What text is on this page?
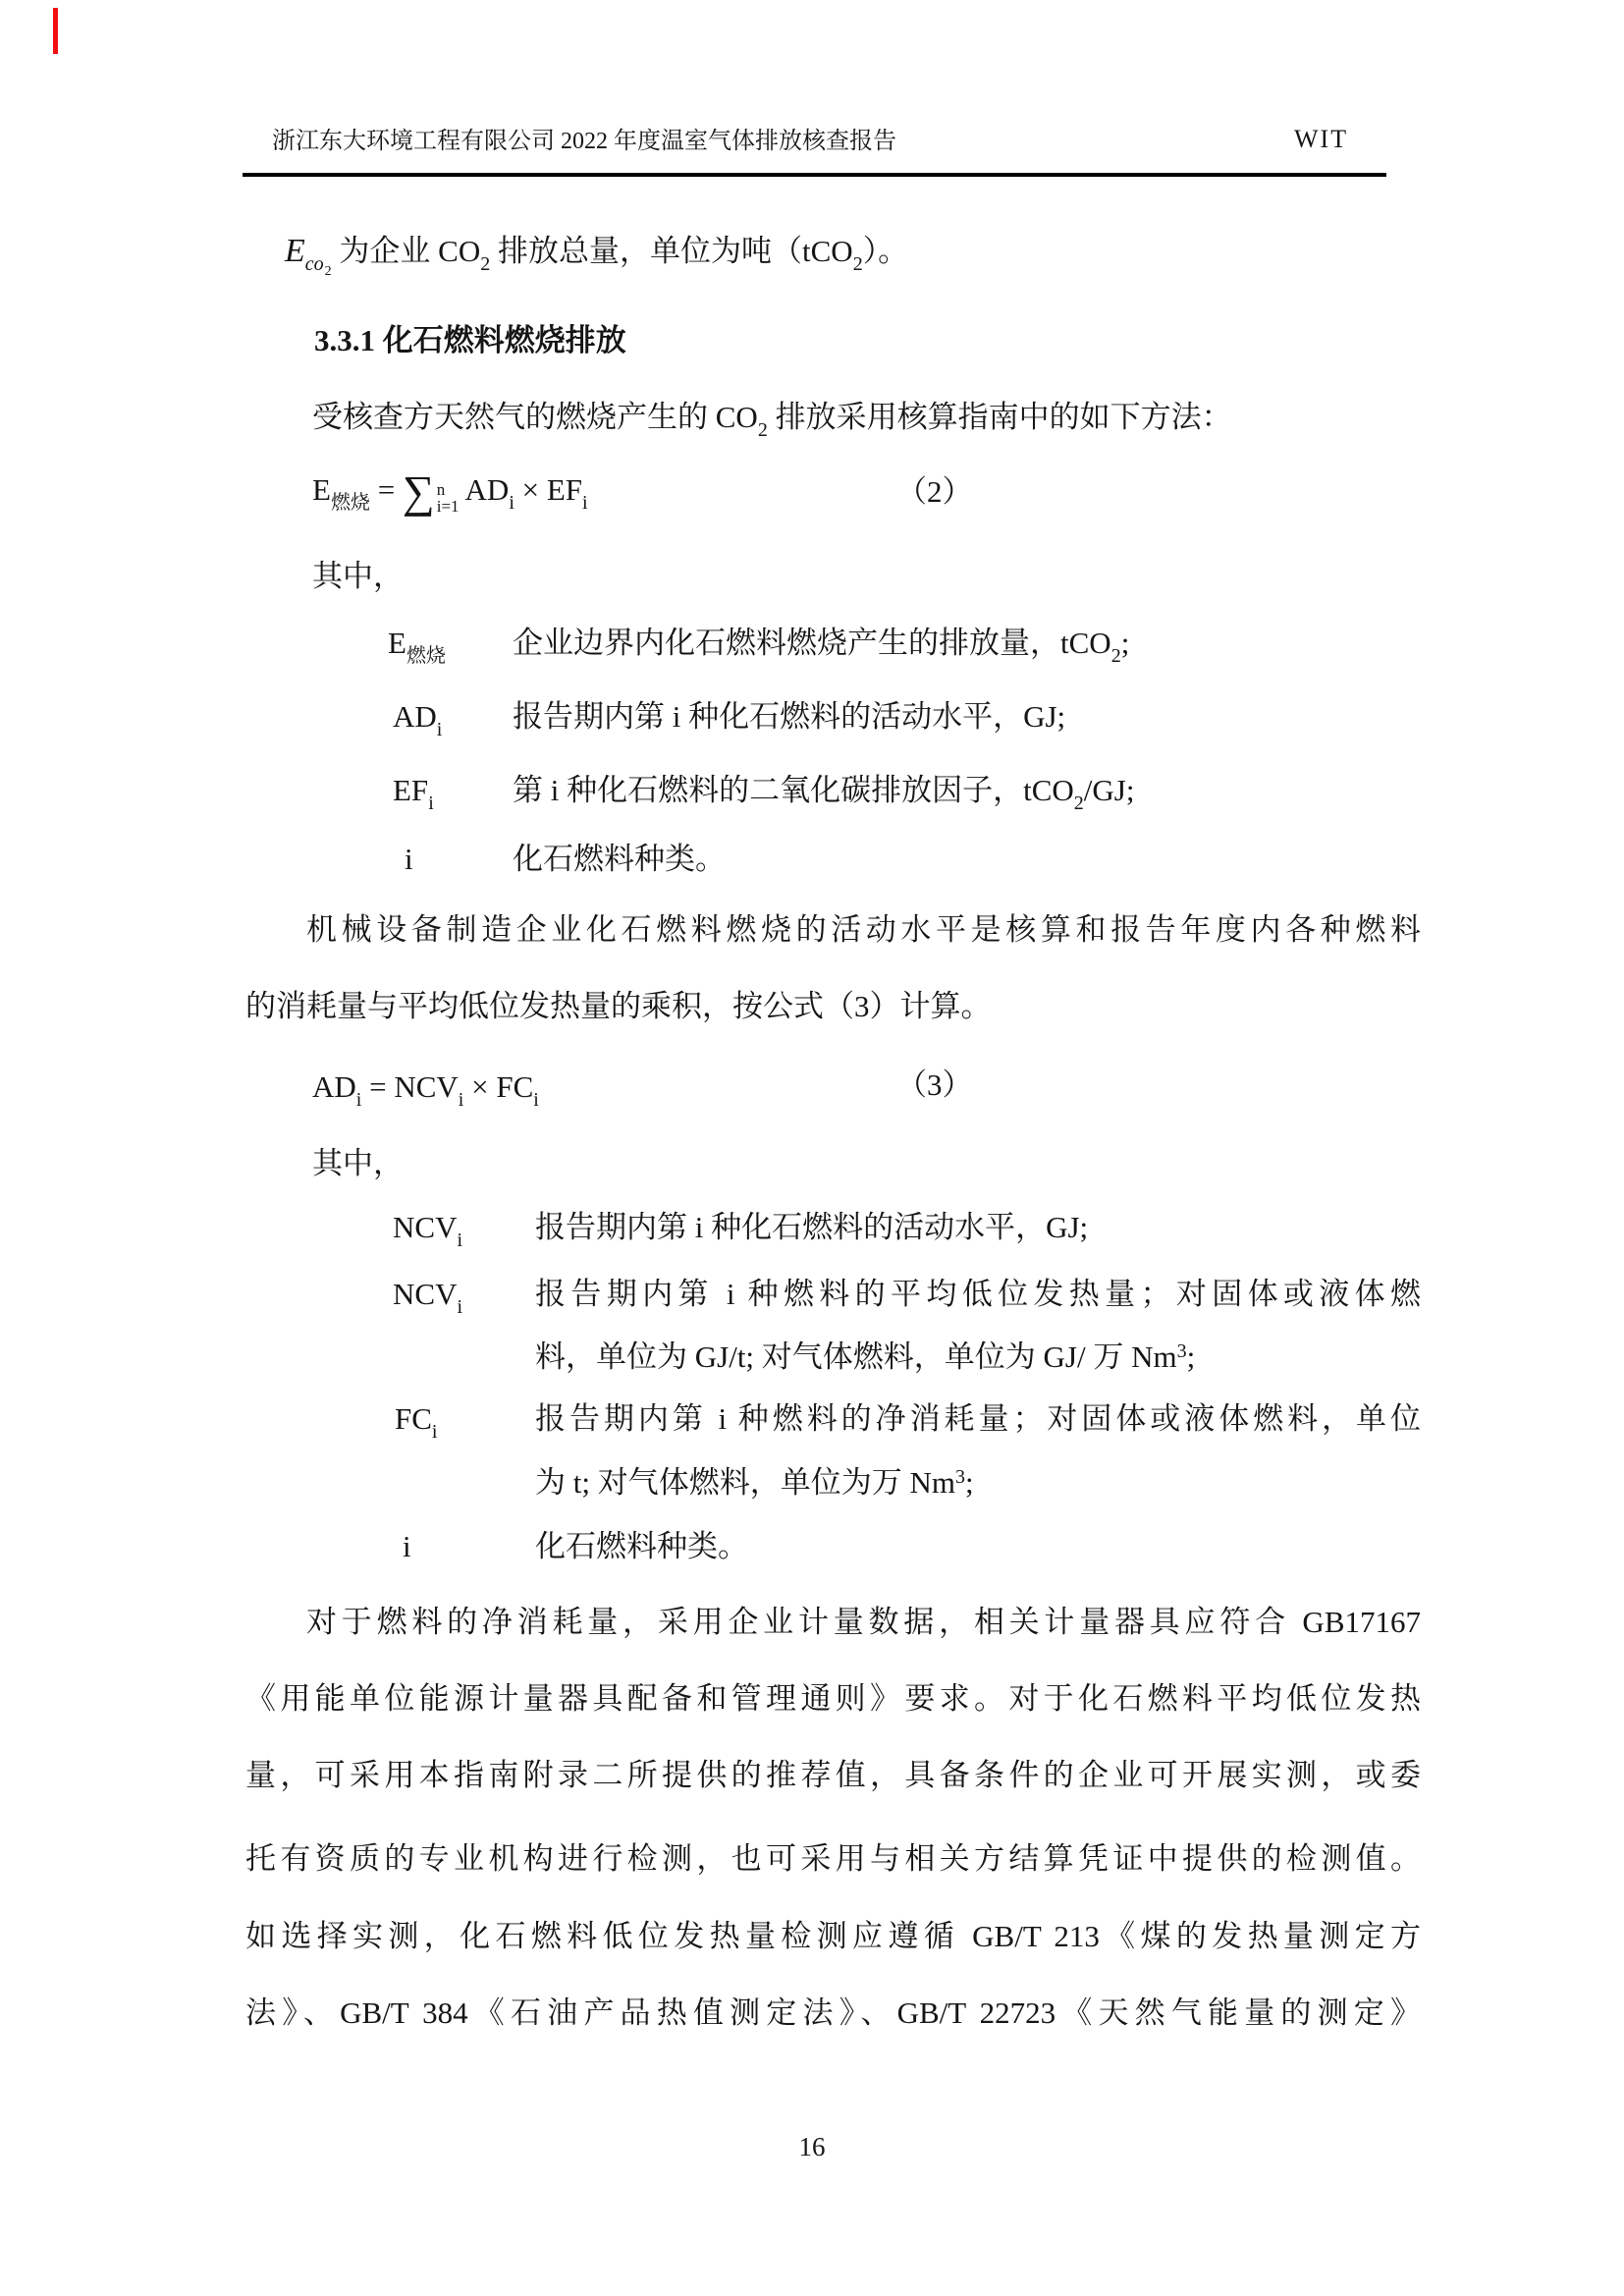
浙江东大环境工程有限公司 2022 年度温室气体排放核查报告	WIT
$E_{co2}$ 为企业 $CO_2$ 排放总量，单位为吨（tCO$_2$）。
3.3.1 化石燃料燃烧排放
受核查方天然气的燃烧产生的 $CO_2$ 排放采用核算指南中的如下方法：
$E_{燃烧}$ = ∑ n
i=1 $AD_i \times EF_i$	（2）
其中，
$E_{燃烧}$ 企业边界内化石燃料燃烧产生的排放量，tCO$_2$;
$AD_i$ 报告期内第 i 种化石燃料的活动水平，GJ;
$EF_i$	第 i 种化石燃料的二氧化碳排放因子，tCO$_2$/GJ;
i	化石燃料种类。
机械设备制造企业化石燃料燃烧的活动水平是核算和报告年度内各种燃料
的消耗量与平均低位发热量的乘积，按公式（3）计算。
$AD_i = NCV_i \times FC_i$	（3）
其中，
$NCV_i$ 报告期内第 i 种化石燃料的活动水平，GJ;
$NCV_i$ 报告期内第 i 种燃料的平均低位发热量；对固体或液体燃
料，单位为 GJ/t; 对气体燃料，单位为 GJ/ 万 Nm$^3$;
$FC_i$	报告期内第 i 种燃料的净消耗量；对固体或液体燃料，单位
为 t; 对气体燃料，单位为万 Nm$^3$;
i	化石燃料种类。
对于燃料的净消耗量，采用企业计量数据，相关计量器具应符合 GB17167
《用能单位能源计量器具配备和管理通则》要求。对于化石燃料平均低位发热
量，可采用本指南附录二所提供的推荐值，具备条件的企业可开展实测，或委
托有资质的专业机构进行检测，也可采用与相关方结算凭证中提供的检测值。
如选择实测，化石燃料低位发热量检测应遵循 GB/T 213《煤的发热量测定方
法》、GB/T 384《石油产品热值测定法》、GB/T 22723《天然气能量的测定》
16
